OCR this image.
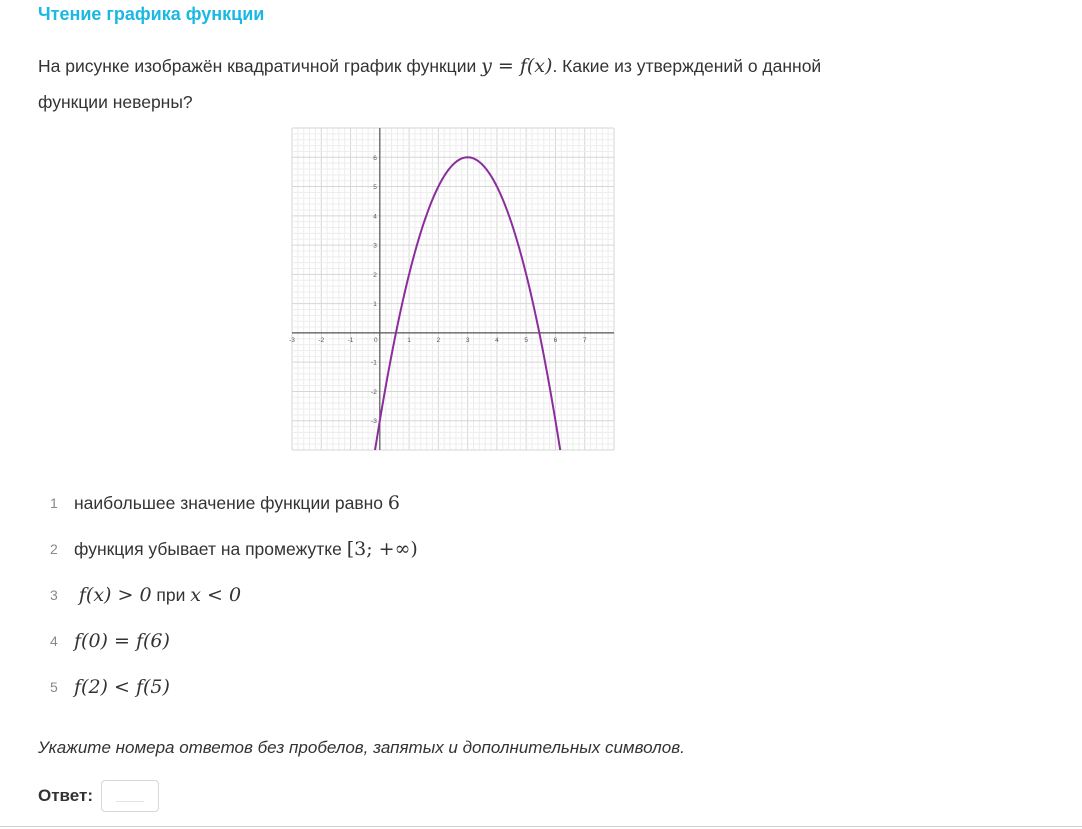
Чтение графика функции
На рисунке изображён квадратичной график функции y = f(x). Какие из утверждений о данной функции неверны?
-3	-2	-1	0	1	2	3	4	5	6	7
6
5
4
3
2
1
-1
-2
-3
1 наибольшее значение функции равно 6
2 функция убывает на промежутке [3; +∞)
3	f(x) > 0 при x < 0
4 f(0) = f(6)
5 f(2) < f(5)
Укажите номера ответов без пробелов, запятых и дополнительных символов.
Ответ:
